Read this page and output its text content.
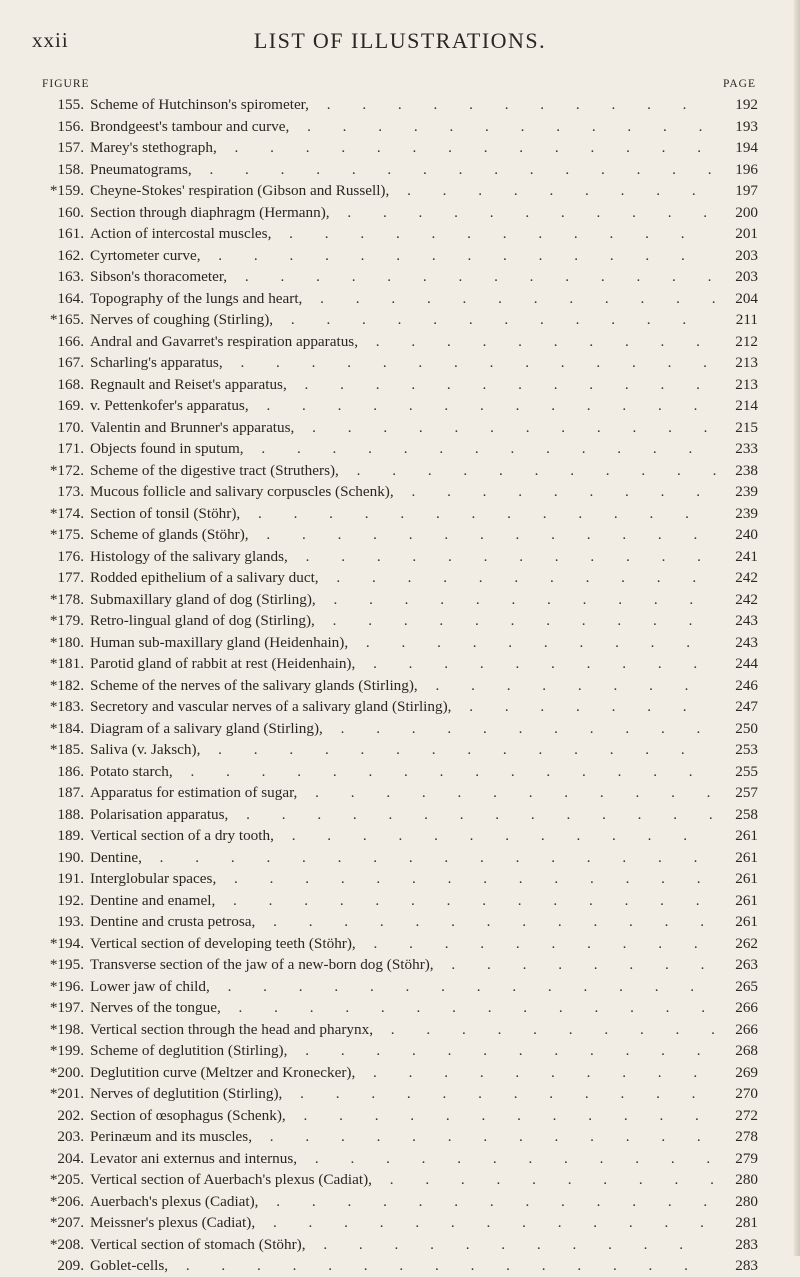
LIST OF ILLUSTRATIONS.
xxii
FIGURE	PAGE
155. Scheme of Hutchinson's spirometer, . . .	192
156. Brondgeest's tambour and curve, . . .	193
157. Marey's stethograph, . . .	194
158. Pneumatograms, . . .	196
*159. Cheyne-Stokes' respiration (Gibson and Russell), . . .	197
160. Section through diaphragm (Hermann), . . .	200
161. Action of intercostal muscles, . . .	201
162. Cyrtometer curve, . . .	203
163. Sibson's thoracometer, . . .	203
164. Topography of the lungs and heart, . . .	204
*165. Nerves of coughing (Stirling), . . .	211
166. Andral and Gavarret's respiration apparatus, . . .	212
167. Scharling's apparatus, . . .	213
168. Regnault and Reiset's apparatus, . . .	213
169. v. Pettenkofer's apparatus, . . .	214
170. Valentin and Brunner's apparatus, . . .	215
171. Objects found in sputum, . . .	233
*172. Scheme of the digestive tract (Struthers), . . .	238
173. Mucous follicle and salivary corpuscles (Schenk), . . .	239
*174. Section of tonsil (Stöhr), . . .	239
*175. Scheme of glands (Stöhr), . . .	240
176. Histology of the salivary glands, . . .	241
177. Rodded epithelium of a salivary duct, . . .	242
*178. Submaxillary gland of dog (Stirling), . . .	242
*179. Retro-lingual gland of dog (Stirling), . . .	243
*180. Human sub-maxillary gland (Heidenhain), . . .	243
*181. Parotid gland of rabbit at rest (Heidenhain), . . .	244
*182. Scheme of the nerves of the salivary glands (Stirling), . . .	246
*183. Secretory and vascular nerves of a salivary gland (Stirling), . . .	247
*184. Diagram of a salivary gland (Stirling), . . .	250
*185. Saliva (v. Jaksch), . . .	253
186. Potato starch, . . .	255
187. Apparatus for estimation of sugar, . . .	257
188. Polarisation apparatus, . . .	258
189. Vertical section of a dry tooth, . . .	261
190. Dentine, . . .	261
191. Interglobular spaces, . . .	261
192. Dentine and enamel, . . .	261
193. Dentine and crusta petrosa, . . .	261
*194. Vertical section of developing teeth (Stöhr), . . .	262
*195. Transverse section of the jaw of a new-born dog (Stöhr), . . .	263
*196. Lower jaw of child, . . .	265
*197. Nerves of the tongue, . . .	266
*198. Vertical section through the head and pharynx, . . .	266
*199. Scheme of deglutition (Stirling), . . .	268
*200. Deglutition curve (Meltzer and Kronecker), . . .	269
*201. Nerves of deglutition (Stirling), . . .	270
202. Section of œsophagus (Schenk), . . .	272
203. Perinæum and its muscles, . . .	278
204. Levator ani externus and internus, . . .	279
*205. Vertical section of Auerbach's plexus (Cadiat), . . .	280
*206. Auerbach's plexus (Cadiat), . . .	280
*207. Meissner's plexus (Cadiat), . . .	281
*208. Vertical section of stomach (Stöhr), . . .	283
209. Goblet-cells, . . .	283
